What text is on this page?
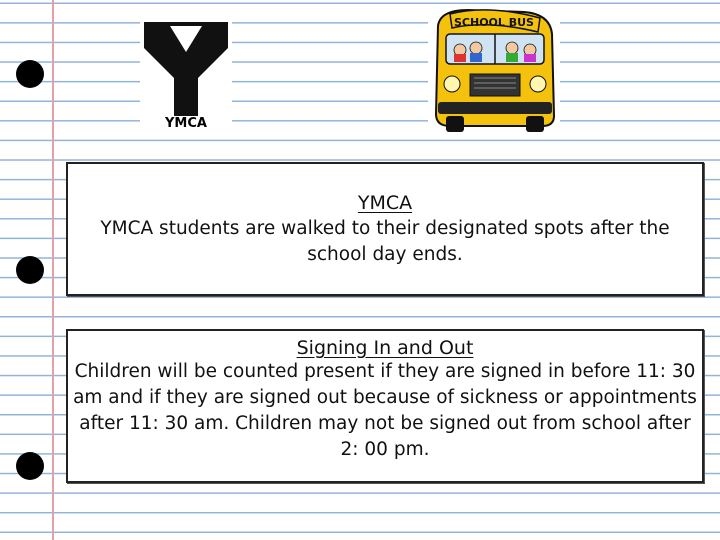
YMCA
SCHOOL BUS
YMCA
YMCA students are walked to their designated spots after the school day ends.
Signing In and Out
Children will be counted present if they are signed in before 11: 30 am and if they are signed out because of sickness or appointments after 11: 30 am. Children may not be signed out from school after 2: 00 pm.
